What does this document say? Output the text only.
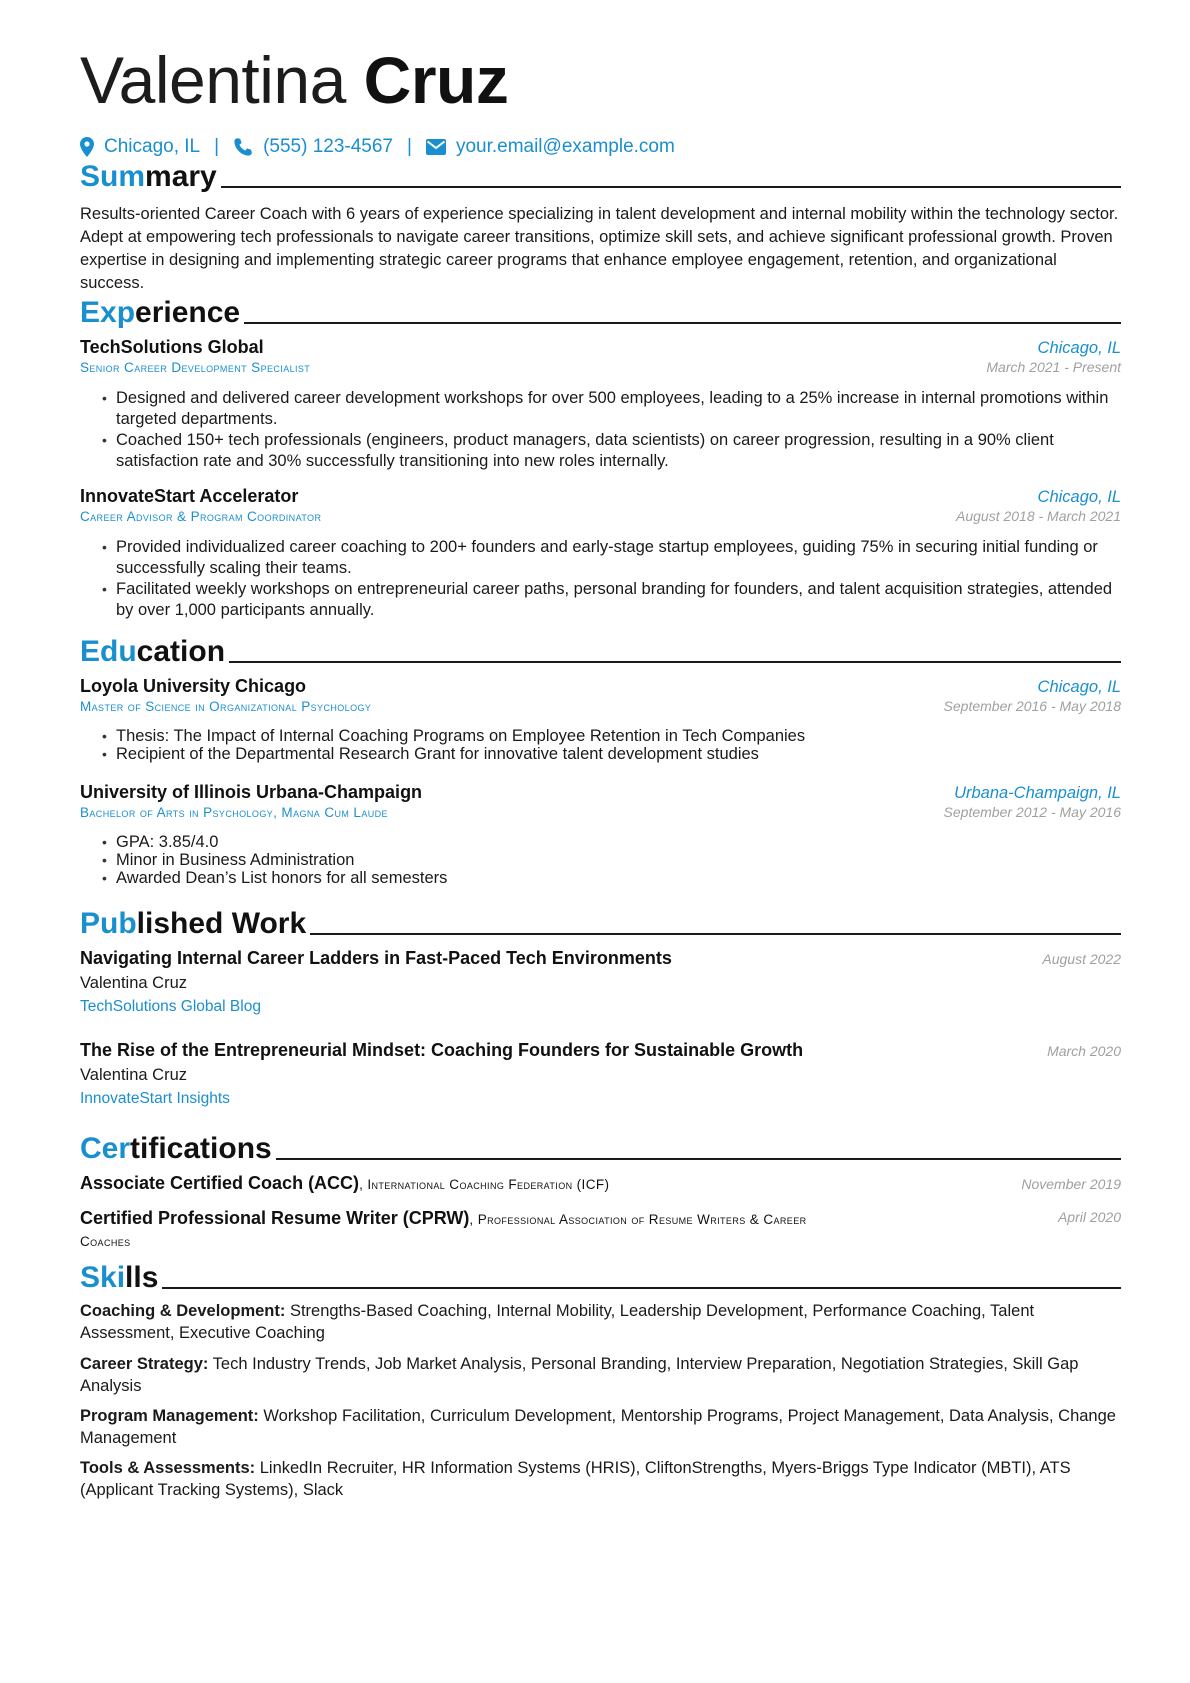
Valentina Cruz
Chicago, IL | (555) 123-4567 | your.email@example.com
Summary
Results-oriented Career Coach with 6 years of experience specializing in talent development and internal mobility within the technology sector. Adept at empowering tech professionals to navigate career transitions, optimize skill sets, and achieve significant professional growth. Proven expertise in designing and implementing strategic career programs that enhance employee engagement, retention, and organizational success.
Experience
TechSolutions Global	Chicago, IL
Senior Career Development Specialist	March 2021 - Present
• Designed and delivered career development workshops for over 500 employees, leading to a 25% increase in internal promotions within targeted departments.
• Coached 150+ tech professionals (engineers, product managers, data scientists) on career progression, resulting in a 90% client satisfaction rate and 30% successfully transitioning into new roles internally.
InnovateStart Accelerator	Chicago, IL
Career Advisor & Program Coordinator	August 2018 - March 2021
• Provided individualized career coaching to 200+ founders and early-stage startup employees, guiding 75% in securing initial funding or successfully scaling their teams.
• Facilitated weekly workshops on entrepreneurial career paths, personal branding for founders, and talent acquisition strategies, attended by over 1,000 participants annually.
Education
Loyola University Chicago	Chicago, IL
Master of Science in Organizational Psychology	September 2016 - May 2018
• Thesis: The Impact of Internal Coaching Programs on Employee Retention in Tech Companies
• Recipient of the Departmental Research Grant for innovative talent development studies
University of Illinois Urbana-Champaign	Urbana-Champaign, IL
Bachelor of Arts in Psychology, Magna Cum Laude	September 2012 - May 2016
• GPA: 3.85/4.0
• Minor in Business Administration
• Awarded Dean’s List honors for all semesters
Published Work
Navigating Internal Career Ladders in Fast-Paced Tech Environments	August 2022
Valentina Cruz
TechSolutions Global Blog
The Rise of the Entrepreneurial Mindset: Coaching Founders for Sustainable Growth	March 2020
Valentina Cruz
InnovateStart Insights
Certifications
Associate Certified Coach (ACC), International Coaching Federation (ICF)	November 2019
Certified Professional Resume Writer (CPRW), Professional Association of Resume Writers & Career Coaches
April 2020
Skills
Coaching & Development: Strengths-Based Coaching, Internal Mobility, Leadership Development, Performance Coaching, Talent Assessment, Executive Coaching
Career Strategy: Tech Industry Trends, Job Market Analysis, Personal Branding, Interview Preparation, Negotiation Strategies, Skill Gap Analysis
Program Management: Workshop Facilitation, Curriculum Development, Mentorship Programs, Project Management, Data Analysis, Change Management
Tools & Assessments: LinkedIn Recruiter, HR Information Systems (HRIS), CliftonStrengths, Myers-Briggs Type Indicator (MBTI), ATS (Applicant Tracking Systems), Slack
